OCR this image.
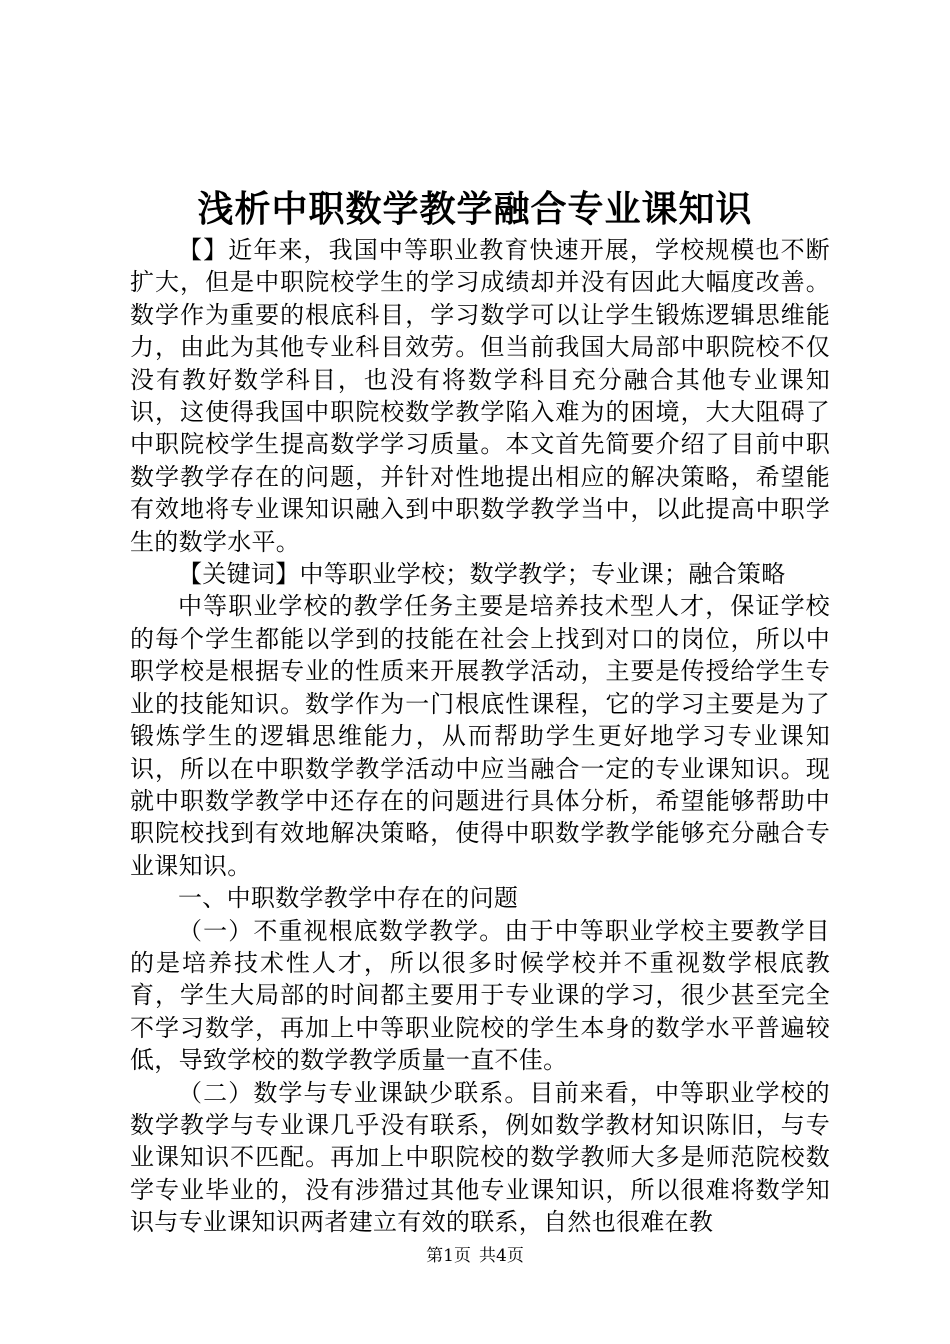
浅析中职数学教学融合专业课知识

【】近年来，我国中等职业教育快速开展，学校规模也不断扩大，但是中职院校学生的学习成绩却并没有因此大幅度改善。数学作为重要的根底科目，学习数学可以让学生锻炼逻辑思维能力，由此为其他专业科目效劳。但当前我国大局部中职院校不仅没有教好数学科目，也没有将数学科目充分融合其他专业课知识，这使得我国中职院校数学教学陷入难为的困境，大大阻碍了中职院校学生提高数学学习质量。本文首先简要介绍了目前中职数学教学存在的问题，并针对性地提出相应的解决策略，希望能有效地将专业课知识融入到中职数学教学当中，以此提高中职学生的数学水平。

【关键词】中等职业学校；数学教学；专业课；融合策略

中等职业学校的教学任务主要是培养技术型人才，保证学校的每个学生都能以学到的技能在社会上找到对口的岗位，所以中职学校是根据专业的性质来开展教学活动，主要是传授给学生专业的技能知识。数学作为一门根底性课程，它的学习主要是为了锻炼学生的逻辑思维能力，从而帮助学生更好地学习专业课知识，所以在中职数学教学活动中应当融合一定的专业课知识。现就中职数学教学中还存在的问题进行具体分析，希望能够帮助中职院校找到有效地解决策略，使得中职数学教学能够充分融合专业课知识。

一、中职数学教学中存在的问题

（一）不重视根底数学教学。由于中等职业学校主要教学目的是培养技术性人才，所以很多时候学校并不重视数学根底教育，学生大局部的时间都主要用于专业课的学习，很少甚至完全不学习数学，再加上中等职业院校的学生本身的数学水平普遍较低，导致学校的数学教学质量一直不佳。

（二）数学与专业课缺少联系。目前来看，中等职业学校的数学教学与专业课几乎没有联系，例如数学教材知识陈旧，与专业课知识不匹配。再加上中职院校的数学教师大多是师范院校数学专业毕业的，没有涉猎过其他专业课知识，所以很难将数学知识与专业课知识两者建立有效的联系，自然也很难在教

第1页 共4页
